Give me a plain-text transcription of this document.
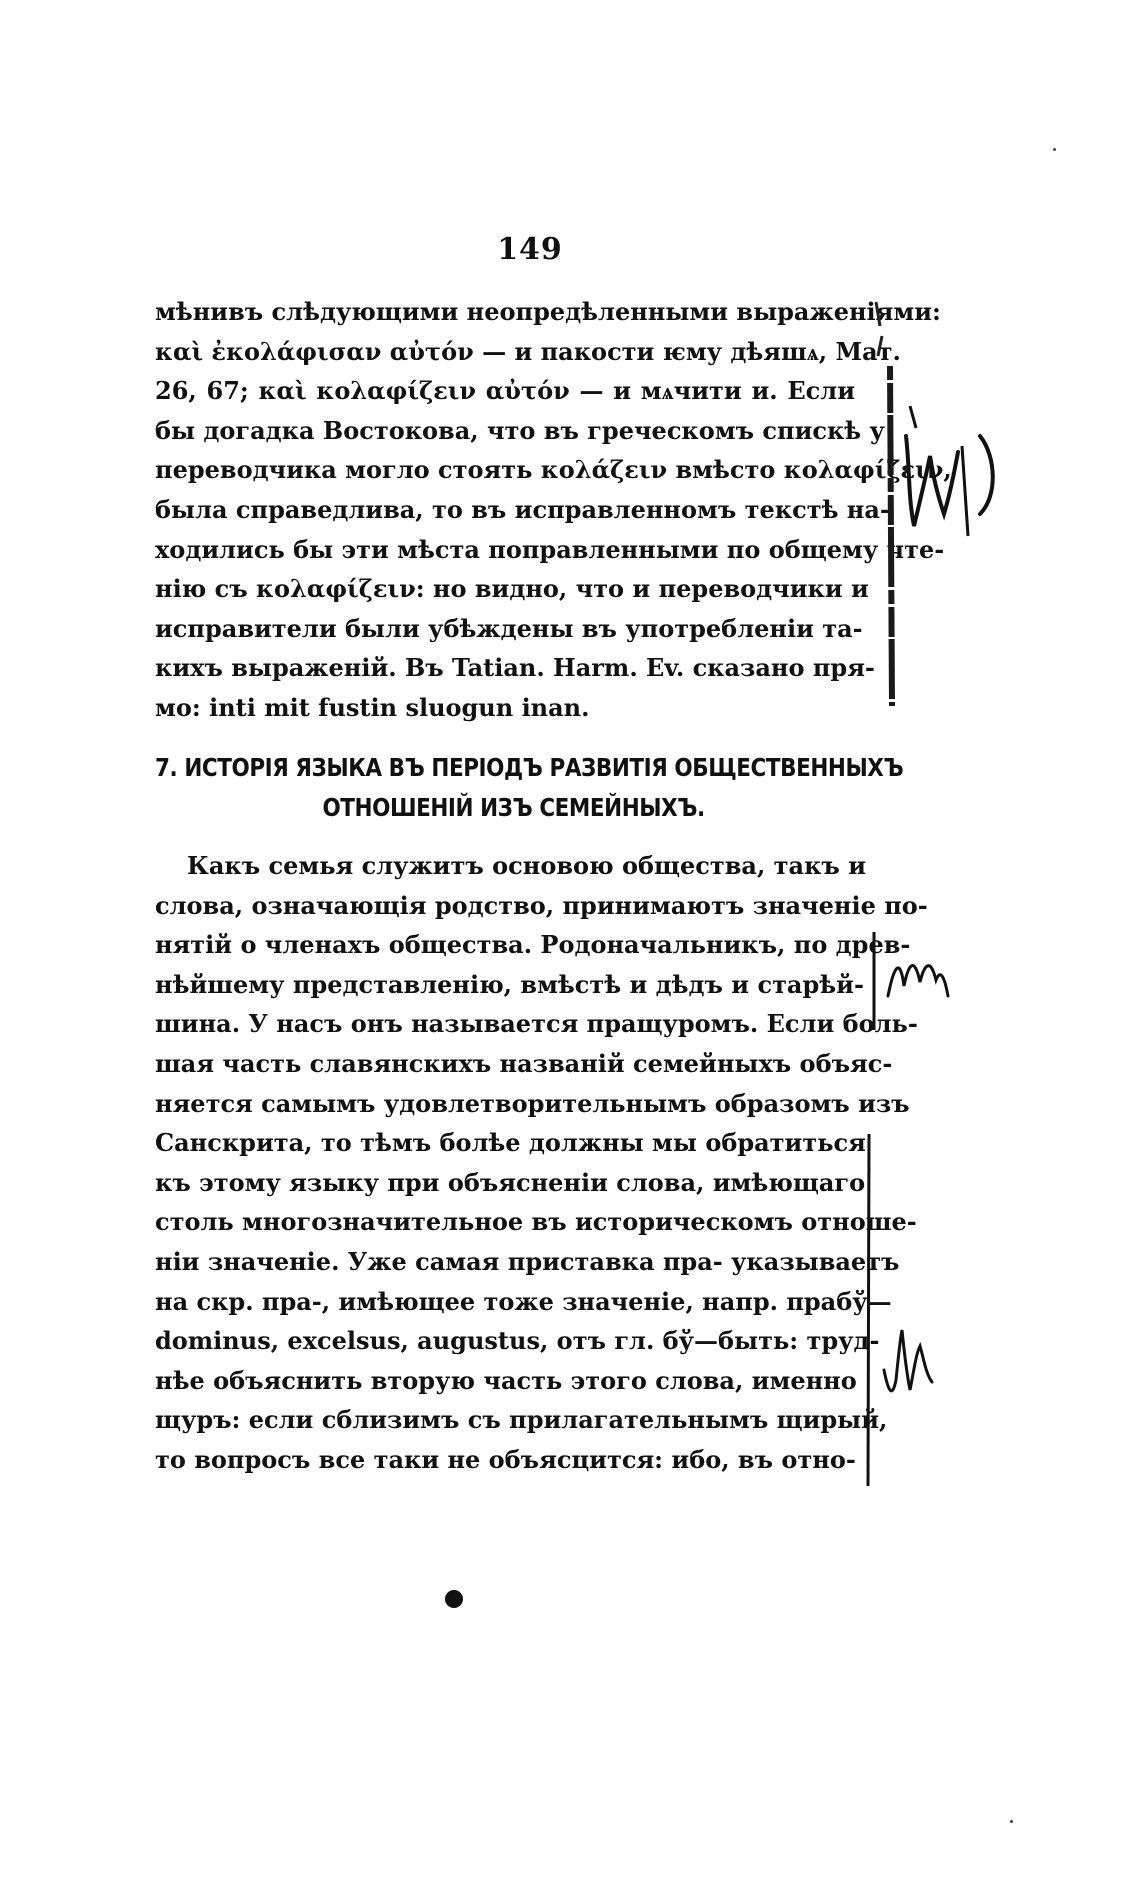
149
мѣнивъ слѣдующими неопредѣленными выраженіями:
καὶ ἐκολάφισαν αὐτόν — и пакости ѥму дѣяшѧ, Мат.
26, 67; καὶ κολαφίζειν αὐτόν — и мѧчити и. Если
бы догадка Востокова, что въ греческомъ спискѣ у
переводчика могло стоять κολάζειν вмѣсто κολαφίζειν,
была справедлива, то въ исправленномъ текстѣ на-
ходились бы эти мѣста поправленными по общему чте-
нію съ κολαφίζειν: но видно, что и переводчики и
исправители были убѣждены въ употребленіи та-
кихъ выраженій. Въ Tatian. Harm. Ev. сказано пря-
мо: inti mit fustin sluogun inan.
7. ИСТОРІЯ ЯЗЫКА ВЪ ПЕРІОДЪ РАЗВИТІЯ ОБЩЕСТВЕННЫХЪ
ОТНОШЕНІЙ ИЗЪ СЕМЕЙНЫХЪ.
Какъ семья служитъ основою общества, такъ и
слова, означающія родство, принимаютъ значеніе по-
нятій о членахъ общества. Родоначальникъ, по древ-
нѣйшему представленію, вмѣстѣ и дѣдъ и старѣй-
шина. У насъ онъ называется пращуромъ. Если боль-
шая часть славянскихъ названій семейныхъ объяс-
няется самымъ удовлетворительнымъ образомъ изъ
Санскрита, то тѣмъ болѣе должны мы обратиться
къ этому языку при объясненіи слова, имѣющаго
столь многозначительное въ историческомъ отноше-
ніи значеніе. Уже самая приставка пра- указываетъ
на скр. пра-, имѣющее тоже значеніе, напр. прабў—
dominus, excelsus, augustus, отъ гл. бў—быть: труд-
нѣе объяснить вторую часть этого слова, именно
щуръ: если сблизимъ съ прилагательнымъ щирый,
то вопросъ все таки не объясцится: ибо, въ отно-
